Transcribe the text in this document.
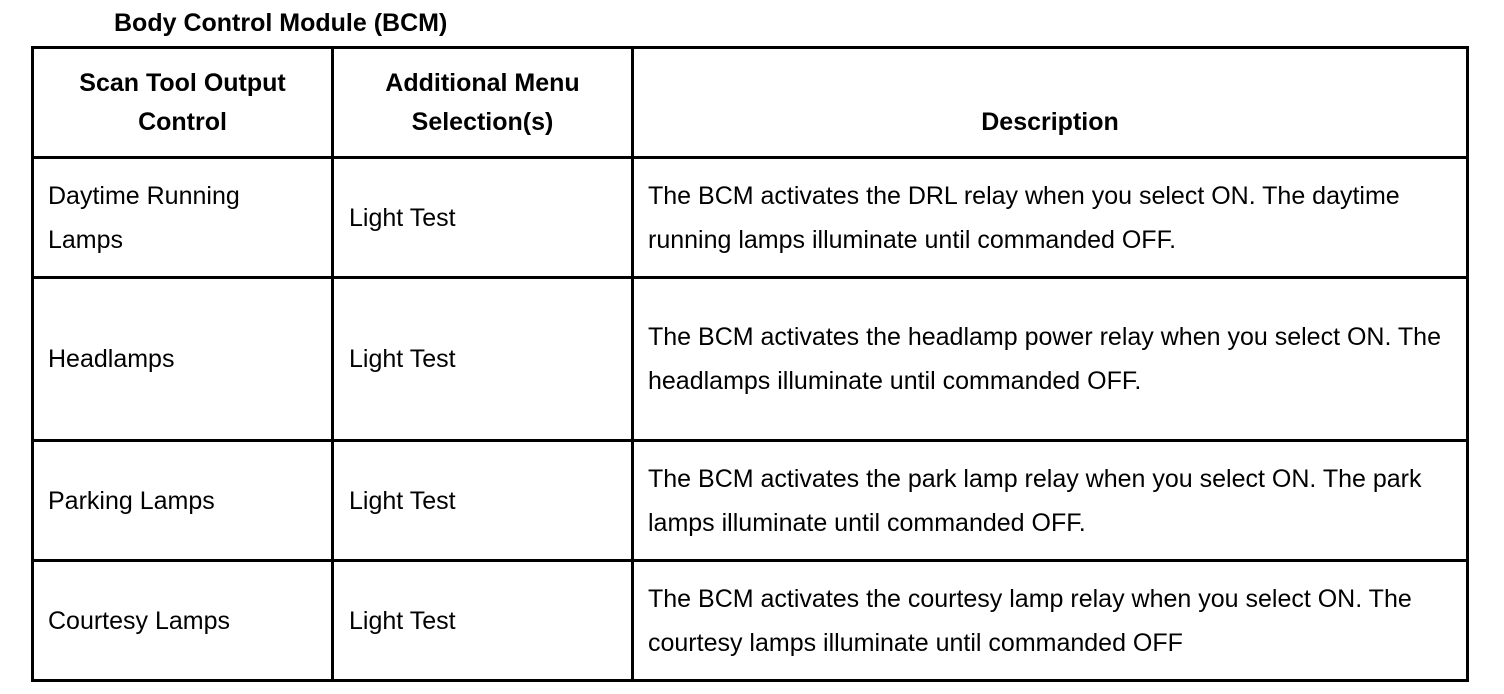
Body Control Module (BCM)
Scan Tool Output Control	Additional Menu Selection(s)	Description
Daytime Running Lamps	Light Test	The BCM activates the DRL relay when you select ON. The daytime running lamps illuminate until commanded OFF.
Headlamps	Light Test	The BCM activates the headlamp power relay when you select ON. The headlamps illuminate until commanded OFF.
Parking Lamps	Light Test	The BCM activates the park lamp relay when you select ON. The park lamps illuminate until commanded OFF.
Courtesy Lamps	Light Test	The BCM activates the courtesy lamp relay when you select ON. The courtesy lamps illuminate until commanded OFF
